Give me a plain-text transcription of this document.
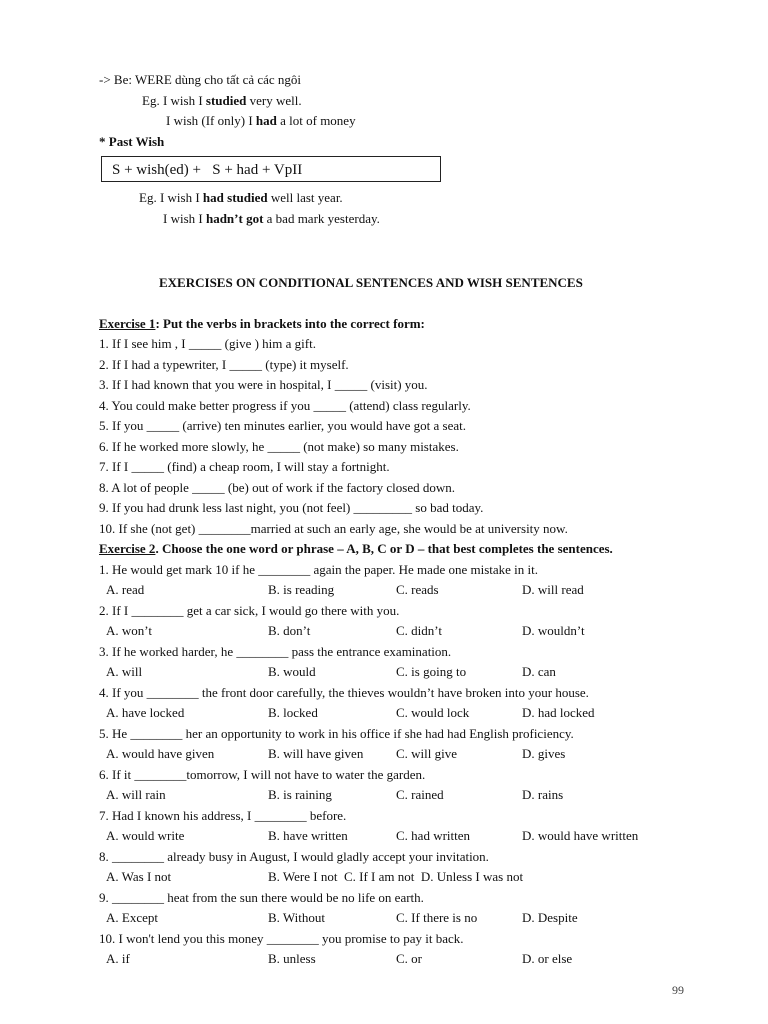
-> Be: WERE dùng cho tất cả các ngôi
Eg. I wish I studied very well.
I wish (If only) I had a lot of money
* Past Wish
S + wish(ed) +   S + had + VpII
Eg. I wish I had studied well last year.
I wish I hadn’t got a bad mark yesterday.
EXERCISES ON CONDITIONAL SENTENCES AND WISH SENTENCES
Exercise 1: Put the verbs in brackets into the correct form:
1. If I see him , I _____ (give ) him a gift.
2. If I had a typewriter, I _____ (type) it myself.
3. If I had known that you were in hospital, I _____ (visit) you.
4. You could make better progress if you _____ (attend) class regularly.
5. If you _____ (arrive) ten minutes earlier, you would have got a seat.
6. If he worked more slowly, he _____ (not make) so many mistakes.
7. If I _____ (find) a cheap room, I will stay a fortnight.
8. A lot of people _____ (be) out of work if the factory closed down.
9. If you had drunk less last night, you (not feel) _________ so bad today.
10. If she (not get) ________married at such an early age, she would be at university now.
Exercise 2. Choose the one word or phrase – A, B, C or D – that best completes the sentences.
1. He would get mark 10 if he ________ again the paper. He made one mistake in it.
A. read	B. is reading	C. reads	D. will read
2. If I ________ get a car sick, I would go there with you.
A. won’t	B. don’t	C. didn’t	D. wouldn’t
3. If he worked harder, he ________ pass the entrance examination.
A. will	B. would	C. is going to	D. can
4. If you ________ the front door carefully, the thieves wouldn’t have broken into your house.
A. have locked	B. locked	C. would lock	D. had locked
5. He ________ her an opportunity to work in his office if she had had English proficiency.
A. would have given	B. will have given	C. will give	D. gives
6. If it ________tomorrow, I will not have to water the garden.
A. will rain	B. is raining	C. rained	D. rains
7. Had I known his address, I ________ before.
A. would write	B. have written	C. had written	D. would have written
8. ________ already busy in August, I would gladly accept your invitation.
A. Was I not	B. Were I not  C. If I am not  D. Unless I was not
9. ________ heat from the sun there would be no life on earth.
A. Except	B. Without	C. If there is no	D. Despite
10. I won't lend you this money ________ you promise to pay it back.
A. if	B. unless	C. or	D. or else
99
